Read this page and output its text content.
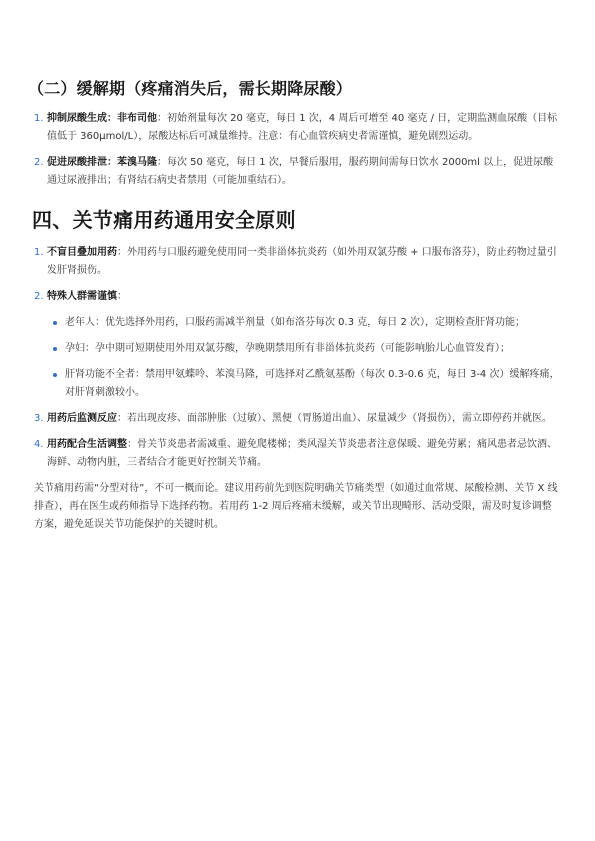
（二）缓解期（疼痛消失后，需长期降尿酸）
1. 抑制尿酸生成：非布司他：初始剂量每次 20 毫克，每日 1 次，4 周后可增至 40 毫克 / 日，定期监测血尿酸（目标值低于 360μmol/L），尿酸达标后可减量维持。注意：有心血管疾病史者需谨慎，避免剧烈运动。
2. 促进尿酸排泄：苯溴马隆：每次 50 毫克，每日 1 次，早餐后服用，服药期间需每日饮水 2000ml 以上，促进尿酸通过尿液排出；有肾结石病史者禁用（可能加重结石）。
四、关节痛用药通用安全原则
1. 不盲目叠加用药：外用药与口服药避免使用同一类非甾体抗炎药（如外用双氯芬酸 + 口服布洛芬），防止药物过量引发肝肾损伤。
2. 特殊人群需谨慎：
老年人：优先选择外用药，口服药需减半剂量（如布洛芬每次 0.3 克，每日 2 次），定期检查肝肾功能；
孕妇：孕中期可短期使用外用双氯芬酸，孕晚期禁用所有非甾体抗炎药（可能影响胎儿心血管发育）；
肝肾功能不全者：禁用甲氨蝶呤、苯溴马隆，可选择对乙酰氨基酚（每次 0.3-0.6 克，每日 3-4 次）缓解疼痛，对肝肾刺激较小。
3. 用药后监测反应：若出现皮疹、面部肿胀（过敏）、黑便（胃肠道出血）、尿量减少（肾损伤），需立即停药并就医。
4. 用药配合生活调整：骨关节炎患者需减重、避免爬楼梯；类风湿关节炎患者注意保暖、避免劳累；痛风患者忌饮酒、海鲜、动物内脏，三者结合才能更好控制关节痛。

关节痛用药需“分型对待”，不可一概而论。建议用药前先到医院明确关节痛类型（如通过血常规、尿酸检测、关节 X 线排查），再在医生或药师指导下选择药物。若用药 1-2 周后疼痛未缓解，或关节出现畸形、活动受限，需及时复诊调整方案，避免延误关节功能保护的关键时机。
